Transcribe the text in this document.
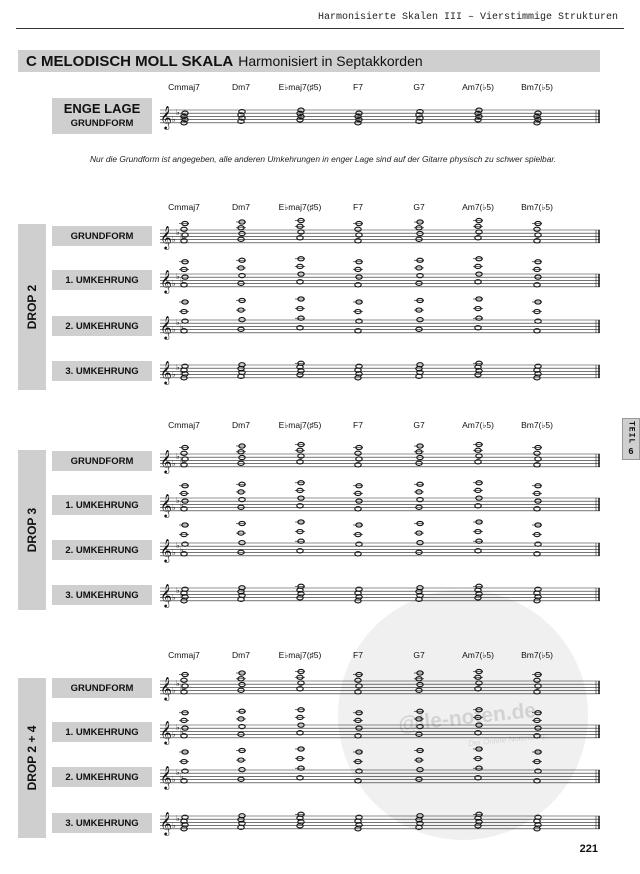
Harmonisierte Skalen III – Vierstimmige Strukturen
C MELODISCH MOLL SKALA Harmonisiert in Septakkorden
Cmmaj7	Dm7	E♭maj7(♯5)	F7	G7	Am7(♭5)	Bm7(♭5)
ENGE LAGE
GRUNDFORM
Nur die Grundform ist angegeben, alle anderen Umkehrungen in enger Lage sind auf der Gitarre physisch zu schwer spielbar.
Cmmaj7	Dm7	E♭maj7(♯5)	F7	G7	Am7(♭5)	Bm7(♭5)
Cmmaj7	Dm7	E♭maj7(♯5)	F7	G7	Am7(♭5)	Bm7(♭5)
Cmmaj7	Dm7	E♭maj7(♯5)	F7	G7	Am7(♭5)	Bm7(♭5)
DROP 2
DROP 3
DROP 2 + 4
GRUNDFORM
1. UMKEHRUNG
2. UMKEHRUNG
3. UMKEHRUNG
GRUNDFORM
1. UMKEHRUNG
2. UMKEHRUNG
3. UMKEHRUNG
GRUNDFORM
1. UMKEHRUNG
2. UMKEHRUNG
3. UMKEHRUNG
@lle-noten.de
Der Online Notenshop
𝄞 ♭ ♭
♭
𝄞 ♭ ♭
♭
𝄞 ♭ ♭
♭
𝄞 ♭ ♭
♭
𝄞 ♭ ♭
♭
𝄞 ♭ ♭
♭
𝄞 ♭ ♭
♭
𝄞 ♭ ♭
♭
𝄞 ♭ ♭
♭
𝄞 ♭ ♭
♭
𝄞 ♭ ♭
♭
𝄞 ♭ ♭
♭
𝄞 ♭ ♭
♭
TEIL
6
221
